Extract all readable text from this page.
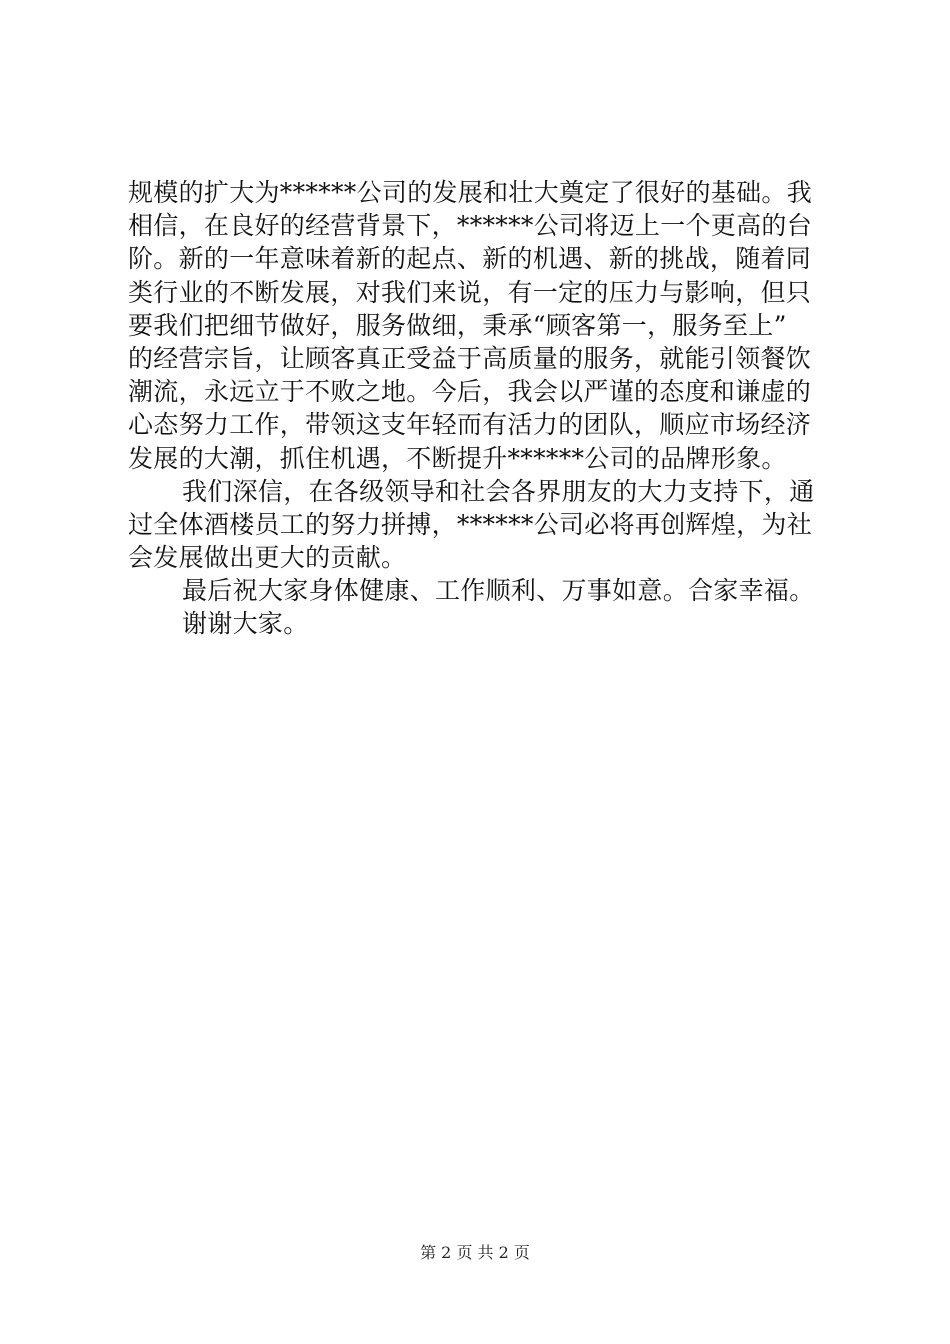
规模的扩大为******公司的发展和壮大奠定了很好的基础。我
相信，在良好的经营背景下，******公司将迈上一个更高的台
阶。新的一年意味着新的起点、新的机遇、新的挑战，随着同
类行业的不断发展，对我们来说，有一定的压力与影响，但只
要我们把细节做好，服务做细，秉承“顾客第一，服务至上”
的经营宗旨，让顾客真正受益于高质量的服务，就能引领餐饮
潮流，永远立于不败之地。今后，我会以严谨的态度和谦虚的
心态努力工作，带领这支年轻而有活力的团队，顺应市场经济
发展的大潮，抓住机遇，不断提升******公司的品牌形象。
我们深信，在各级领导和社会各界朋友的大力支持下，通
过全体酒楼员工的努力拼搏，******公司必将再创辉煌，为社
会发展做出更大的贡献。
最后祝大家身体健康、工作顺利、万事如意。合家幸福。
谢谢大家。
第 2 页 共 2 页
